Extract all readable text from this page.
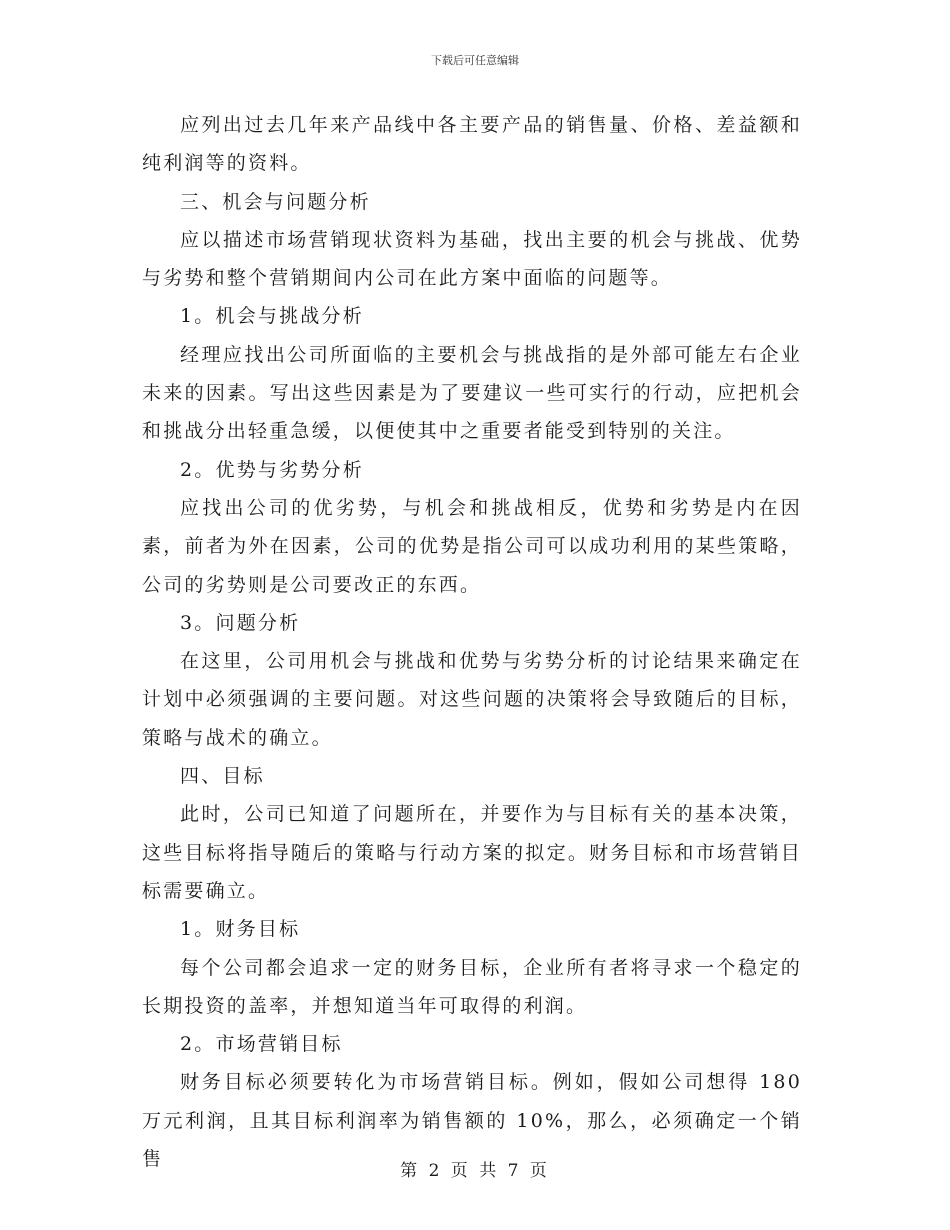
下载后可任意编辑

应列出过去几年来产品线中各主要产品的销售量、价格、差益额和纯利润等的资料。

三、机会与问题分析

应以描述市场营销现状资料为基础，找出主要的机会与挑战、优势与劣势和整个营销期间内公司在此方案中面临的问题等。

1。机会与挑战分析

经理应找出公司所面临的主要机会与挑战指的是外部可能左右企业未来的因素。写出这些因素是为了要建议一些可实行的行动，应把机会和挑战分出轻重急缓，以便使其中之重要者能受到特别的关注。

2。优势与劣势分析

应找出公司的优劣势，与机会和挑战相反，优势和劣势是内在因素，前者为外在因素，公司的优势是指公司可以成功利用的某些策略，公司的劣势则是公司要改正的东西。

3。问题分析

在这里，公司用机会与挑战和优势与劣势分析的讨论结果来确定在计划中必须强调的主要问题。对这些问题的决策将会导致随后的目标，策略与战术的确立。

四、目标

此时，公司已知道了问题所在，并要作为与目标有关的基本决策，这些目标将指导随后的策略与行动方案的拟定。财务目标和市场营销目标需要确立。

1。财务目标

每个公司都会追求一定的财务目标，企业所有者将寻求一个稳定的长期投资的盖率，并想知道当年可取得的利润。

2。市场营销目标

财务目标必须要转化为市场营销目标。例如，假如公司想得 180 万元利润，且其目标利润率为销售额的 10%，那么，必须确定一个销售

第 2 页 共 7 页
